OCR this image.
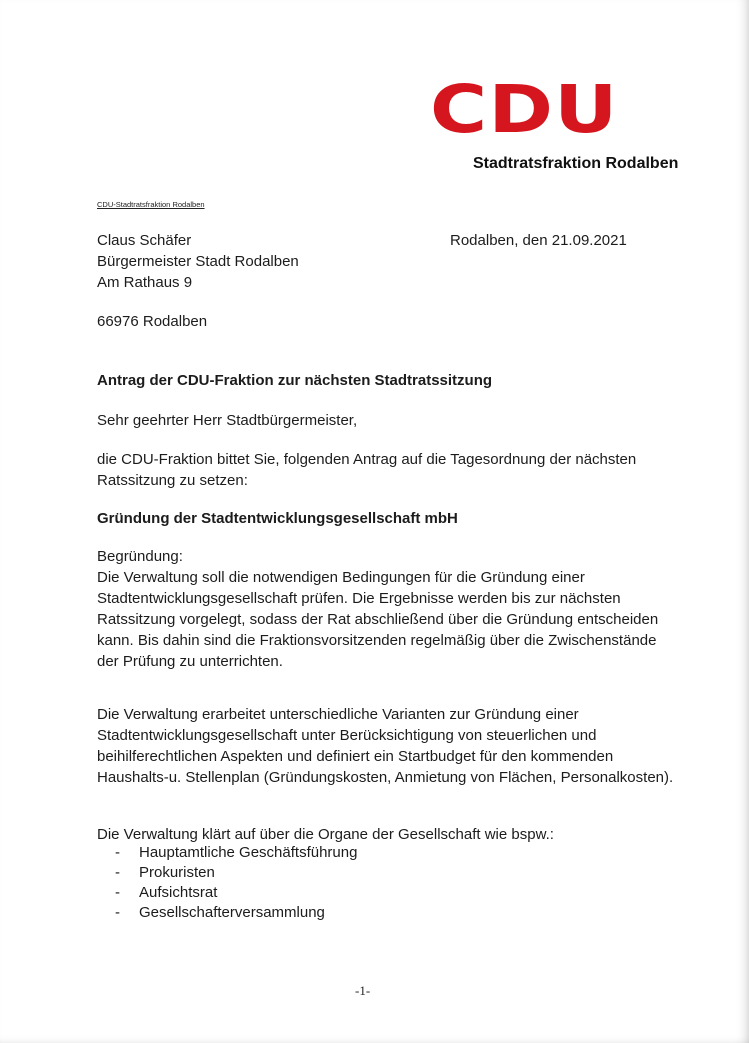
CDU
Stadtratsfraktion Rodalben
CDU-Stadtratsfraktion Rodalben
Claus Schäfer
Bürgermeister Stadt Rodalben
Am Rathaus 9
Rodalben, den 21.09.2021
66976 Rodalben
Antrag der CDU-Fraktion zur nächsten Stadtratssitzung
Sehr geehrter Herr Stadtbürgermeister,
die CDU-Fraktion bittet Sie, folgenden Antrag auf die Tagesordnung der nächsten
Ratssitzung zu setzen:
Gründung der Stadtentwicklungsgesellschaft mbH
Begründung:
Die Verwaltung soll die notwendigen Bedingungen für die Gründung einer
Stadtentwicklungsgesellschaft prüfen. Die Ergebnisse werden bis zur nächsten
Ratssitzung vorgelegt, sodass der Rat abschließend über die Gründung entscheiden
kann. Bis dahin sind die Fraktionsvorsitzenden regelmäßig über die Zwischenstände
der Prüfung zu unterrichten.
Die Verwaltung erarbeitet unterschiedliche Varianten zur Gründung einer
Stadtentwicklungsgesellschaft unter Berücksichtigung von steuerlichen und
beihilferechtlichen Aspekten und definiert ein Startbudget für den kommenden
Haushalts-u. Stellenplan (Gründungskosten, Anmietung von Flächen, Personalkosten).
Die Verwaltung klärt auf über die Organe der Gesellschaft wie bspw.:
- Hauptamtliche Geschäftsführung
- Prokuristen
- Aufsichtsrat
- Gesellschafterversammlung
-1-
